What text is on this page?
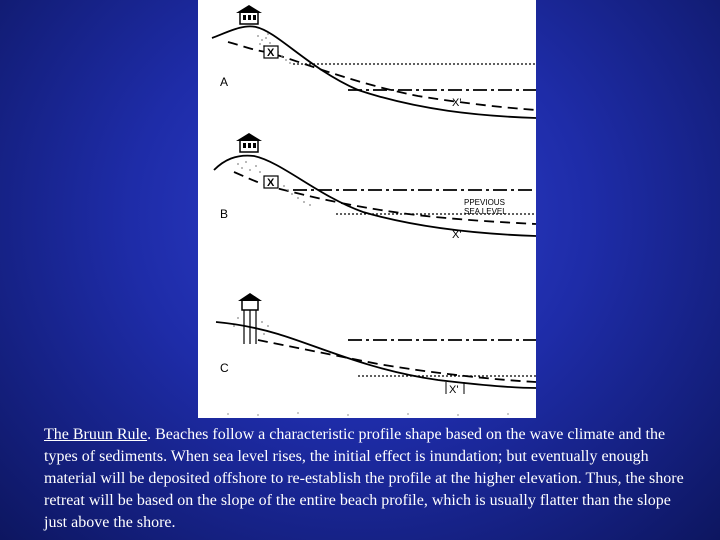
X
A
X'
X
B
PPEVIOUS
SEA LEVEL
X'
C
X'
The Bruun Rule. Beaches follow a characteristic profile shape based on the wave climate and the types of sediments. When sea level rises, the initial effect is inundation; but eventually enough material will be deposited offshore to re-establish the profile at the higher elevation. Thus, the shore retreat will be based on the slope of the entire beach profile, which is usually flatter than the slope just above the shore.
